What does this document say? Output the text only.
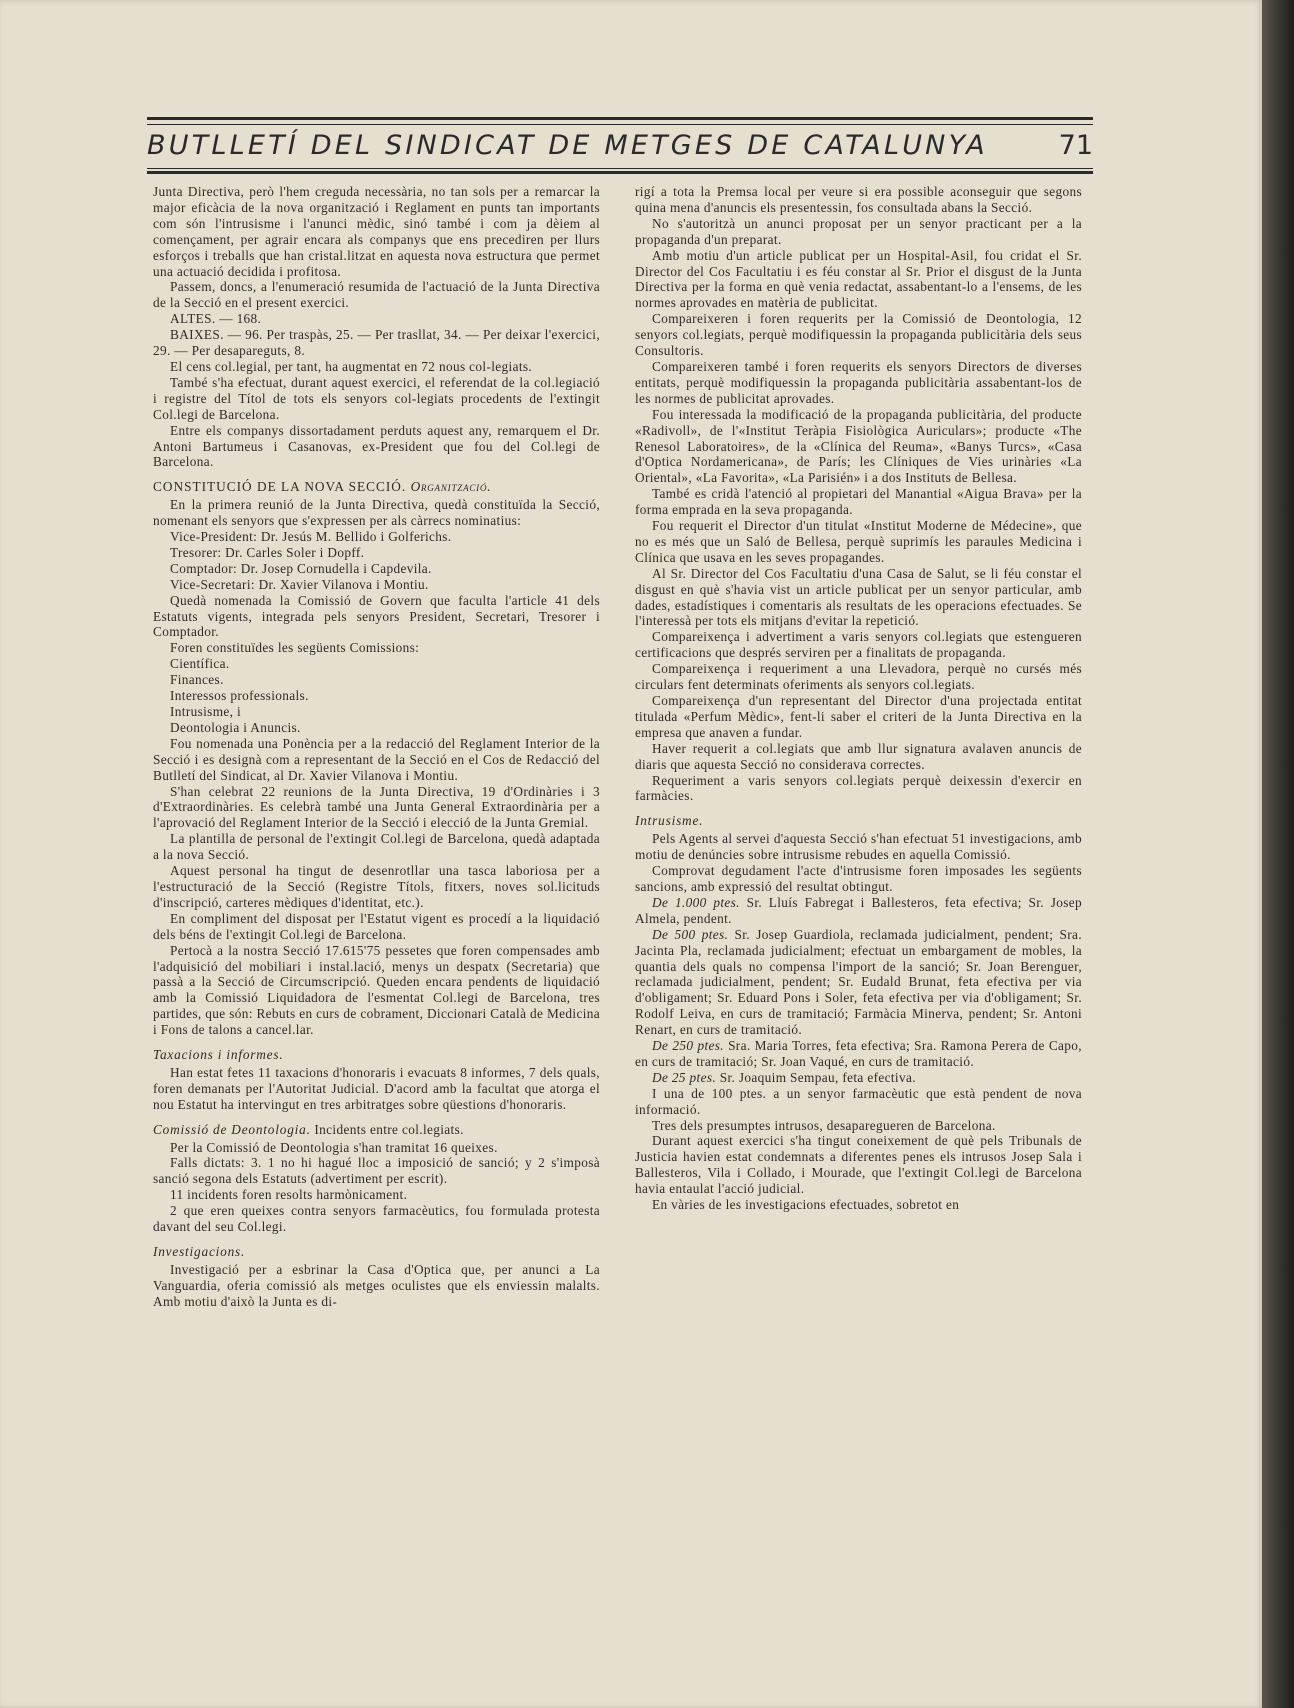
BUTLLETÍ DEL SINDICAT DE METGES DE CATALUNYA	71

Junta Directiva, però l'hem creguda necessària, no tan sols per a remarcar la major eficàcia de la nova organització i Reglament en punts tan importants com són l'intrusisme i l'anunci mèdic, sinó també i com ja dèiem al començament, per agrair encara als companys que ens precediren per llurs esforços i treballs que han cristal.litzat en aquesta nova estructura que permet una actuació decidida i profitosa.

Passem, doncs, a l'enumeració resumida de l'actuació de la Junta Directiva de la Secció en el present exercici.

ALTES. — 168.

BAIXES. — 96. Per traspàs, 25. — Per trasllat, 34. — Per deixar l'exercici, 29. — Per desapareguts, 8.

El cens col.legial, per tant, ha augmentat en 72 nous col-legiats.

També s'ha efectuat, durant aquest exercici, el referendat de la col.legiació i registre del Títol de tots els senyors col-legiats procedents de l'extingit Col.legi de Barcelona.

Entre els companys dissortadament perduts aquest any, remarquem el Dr. Antoni Bartumeus i Casanovas, ex-President que fou del Col.legi de Barcelona.

CONSTITUCIÓ DE LA NOVA SECCIÓ. Organització.

En la primera reunió de la Junta Directiva, quedà constituïda la Secció, nomenant els senyors que s'expressen per als càrrecs nominatius:

Vice-President: Dr. Jesús M. Bellido i Golferichs.

Tresorer: Dr. Carles Soler i Dopff.

Comptador: Dr. Josep Cornudella i Capdevila.

Vice-Secretari: Dr. Xavier Vilanova i Montiu.

Quedà nomenada la Comissió de Govern que faculta l'article 41 dels Estatuts vigents, integrada pels senyors President, Secretari, Tresorer i Comptador.

Foren constituïdes les següents Comissions:

Científica.

Finances.

Interessos professionals.

Intrusisme, i

Deontologia i Anuncis.

Fou nomenada una Ponència per a la redacció del Reglament Interior de la Secció i es designà com a representant de la Secció en el Cos de Redacció del Butlletí del Sindicat, al Dr. Xavier Vilanova i Montiu.

S'han celebrat 22 reunions de la Junta Directiva, 19 d'Ordinàries i 3 d'Extraordinàries. Es celebrà també una Junta General Extraordinària per a l'aprovació del Reglament Interior de la Secció i elecció de la Junta Gremial.

La plantilla de personal de l'extingit Col.legi de Barcelona, quedà adaptada a la nova Secció.

Aquest personal ha tingut de desenrotllar una tasca laboriosa per a l'estructuració de la Secció (Registre Títols, fitxers, noves sol.licituds d'inscripció, carteres mèdiques d'identitat, etc.).

En compliment del disposat per l'Estatut vigent es procedí a la liquidació dels béns de l'extingit Col.legi de Barcelona.

Pertocà a la nostra Secció 17.615'75 pessetes que foren compensades amb l'adquisició del mobiliari i instal.lació, menys un despatx (Secretaria) que passà a la Secció de Circumscripció. Queden encara pendents de liquidació amb la Comissió Liquidadora de l'esmentat Col.legi de Barcelona, tres partides, que són: Rebuts en curs de cobrament, Diccionari Català de Medicina i Fons de talons a cancel.lar.

Taxacions i informes.

Han estat fetes 11 taxacions d'honoraris i evacuats 8 informes, 7 dels quals, foren demanats per l'Autoritat Judicial. D'acord amb la facultat que atorga el nou Estatut ha intervingut en tres arbitratges sobre qüestions d'honoraris.

Comissió de Deontologia. Incidents entre col.legiats.

Per la Comissió de Deontologia s'han tramitat 16 queixes.

Falls dictats: 3. 1 no hi hagué lloc a imposició de sanció; y 2 s'imposà sanció segona dels Estatuts (advertiment per escrit).

11 incidents foren resolts harmònicament.

2 que eren queixes contra senyors farmacèutics, fou formulada protesta davant del seu Col.legi.

Investigacions.

Investigació per a esbrinar la Casa d'Optica que, per anunci a La Vanguardia, oferia comissió als metges oculistes que els enviessin malalts. Amb motiu d'això la Junta es di-

rigí a tota la Premsa local per veure si era possible aconseguir que segons quina mena d'anuncis els presentessin, fos consultada abans la Secció.

No s'autoritzà un anunci proposat per un senyor practicant per a la propaganda d'un preparat.

Amb motiu d'un article publicat per un Hospital-Asil, fou cridat el Sr. Director del Cos Facultatiu i es féu constar al Sr. Prior el disgust de la Junta Directiva per la forma en què venia redactat, assabentant-lo a l'ensems, de les normes aprovades en matèria de publicitat.

Compareixeren i foren requerits per la Comissió de Deontologia, 12 senyors col.legiats, perquè modifiquessin la propaganda publicitària dels seus Consultoris.

Compareixeren també i foren requerits els senyors Directors de diverses entitats, perquè modifiquessin la propaganda publicitària assabentant-los de les normes de publicitat aprovades.

Fou interessada la modificació de la propaganda publicitària, del producte «Radivoll», de l'«Institut Teràpia Fisiològica Auriculars»; producte «The Renesol Laboratoires», de la «Clínica del Reuma», «Banys Turcs», «Casa d'Optica Nordamericana», de París; les Clíniques de Vies urinàries «La Oriental», «La Favorita», «La Parisién» i a dos Instituts de Bellesa.

També es cridà l'atenció al propietari del Manantial «Aigua Brava» per la forma emprada en la seva propaganda.

Fou requerit el Director d'un titulat «Institut Moderne de Médecine», que no es més que un Saló de Bellesa, perquè suprimís les paraules Medicina i Clínica que usava en les seves propagandes.

Al Sr. Director del Cos Facultatiu d'una Casa de Salut, se li féu constar el disgust en què s'havia vist un article publicat per un senyor particular, amb dades, estadístiques i comentaris als resultats de les operacions efectuades. Se l'interessà per tots els mitjans d'evitar la repetició.

Compareixença i advertiment a varis senyors col.legiats que estengueren certificacions que després serviren per a finalitats de propaganda.

Compareixença i requeriment a una Llevadora, perquè no cursés més circulars fent determinats oferiments als senyors col.legiats.

Compareixença d'un representant del Director d'una projectada entitat titulada «Perfum Mèdic», fent-li saber el criteri de la Junta Directiva en la empresa que anaven a fundar.

Haver requerit a col.legiats que amb llur signatura avalaven anuncis de diaris que aquesta Secció no considerava correctes.

Requeriment a varis senyors col.legiats perquè deixessin d'exercir en farmàcies.

Intrusisme.

Pels Agents al servei d'aquesta Secció s'han efectuat 51 investigacions, amb motiu de denúncies sobre intrusisme rebudes en aquella Comissió.

Comprovat degudament l'acte d'intrusisme foren imposades les següents sancions, amb expressió del resultat obtingut.

De 1.000 ptes. Sr. Lluís Fabregat i Ballesteros, feta efectiva; Sr. Josep Almela, pendent.

De 500 ptes. Sr. Josep Guardiola, reclamada judicialment, pendent; Sra. Jacinta Pla, reclamada judicialment; efectuat un embargament de mobles, la quantia dels quals no compensa l'import de la sanció; Sr. Joan Berenguer, reclamada judicialment, pendent; Sr. Eudald Brunat, feta efectiva per via d'obligament; Sr. Eduard Pons i Soler, feta efectiva per via d'obligament; Sr. Rodolf Leiva, en curs de tramitació; Farmàcia Minerva, pendent; Sr. Antoni Renart, en curs de tramitació.

De 250 ptes. Sra. Maria Torres, feta efectiva; Sra. Ramona Perera de Capo, en curs de tramitació; Sr. Joan Vaqué, en curs de tramitació.

De 25 ptes. Sr. Joaquim Sempau, feta efectiva.

I una de 100 ptes. a un senyor farmacèutic que està pendent de nova informació.

Tres dels presumptes intrusos, desaparegueren de Barcelona.

Durant aquest exercici s'ha tingut coneixement de què pels Tribunals de Justicia havien estat condemnats a diferentes penes els intrusos Josep Sala i Ballesteros, Vila i Collado, i Mourade, que l'extingit Col.legi de Barcelona havia entaulat l'acció judicial.

En vàries de les investigacions efectuades, sobretot en
